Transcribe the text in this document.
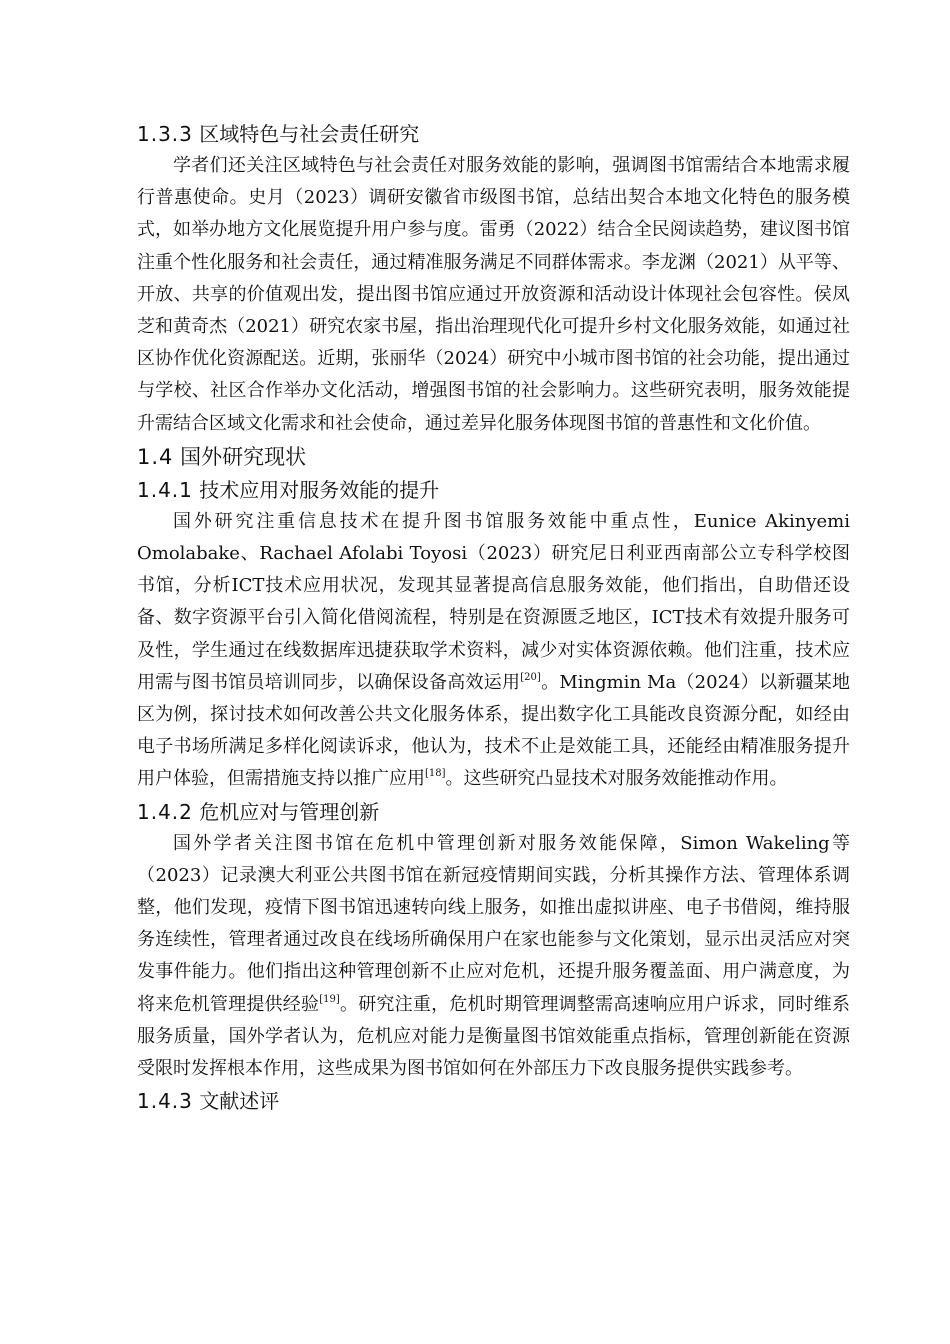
1.3.3 区域特色与社会责任研究

学者们还关注区域特色与社会责任对服务效能的影响，强调图书馆需结合本地需求履行普惠使命。史月（2023）调研安徽省市级图书馆，总结出契合本地文化特色的服务模式，如举办地方文化展览提升用户参与度。雷勇（2022）结合全民阅读趋势，建议图书馆注重个性化服务和社会责任，通过精准服务满足不同群体需求。李龙渊（2021）从平等、开放、共享的价值观出发，提出图书馆应通过开放资源和活动设计体现社会包容性。侯凤芝和黄奇杰（2021）研究农家书屋，指出治理现代化可提升乡村文化服务效能，如通过社区协作优化资源配送。近期，张丽华（2024）研究中小城市图书馆的社会功能，提出通过与学校、社区合作举办文化活动，增强图书馆的社会影响力。这些研究表明，服务效能提升需结合区域文化需求和社会使命，通过差异化服务体现图书馆的普惠性和文化价值。

1.4 国外研究现状
1.4.1 技术应用对服务效能的提升

国外研究注重信息技术在提升图书馆服务效能中重点性，Eunice Akinyemi Omolabake、Rachael Afolabi Toyosi（2023）研究尼日利亚西南部公立专科学校图书馆，分析ICT技术应用状况，发现其显著提高信息服务效能，他们指出，自助借还设备、数字资源平台引入简化借阅流程，特别是在资源匮乏地区，ICT技术有效提升服务可及性，学生通过在线数据库迅捷获取学术资料，减少对实体资源依赖。他们注重，技术应用需与图书馆员培训同步，以确保设备高效运用[20]。Mingmin Ma（2024）以新疆某地区为例，探讨技术如何改善公共文化服务体系，提出数字化工具能改良资源分配，如经由电子书场所满足多样化阅读诉求，他认为，技术不止是效能工具，还能经由精准服务提升用户体验，但需措施支持以推广应用[18]。这些研究凸显技术对服务效能推动作用。

1.4.2 危机应对与管理创新

国外学者关注图书馆在危机中管理创新对服务效能保障，Simon Wakeling等（2023）记录澳大利亚公共图书馆在新冠疫情期间实践，分析其操作方法、管理体系调整，他们发现，疫情下图书馆迅速转向线上服务，如推出虚拟讲座、电子书借阅，维持服务连续性，管理者通过改良在线场所确保用户在家也能参与文化策划，显示出灵活应对突发事件能力。他们指出这种管理创新不止应对危机，还提升服务覆盖面、用户满意度，为将来危机管理提供经验[19]。研究注重，危机时期管理调整需高速响应用户诉求，同时维系服务质量，国外学者认为，危机应对能力是衡量图书馆效能重点指标，管理创新能在资源受限时发挥根本作用，这些成果为图书馆如何在外部压力下改良服务提供实践参考。

1.4.3 文献述评
